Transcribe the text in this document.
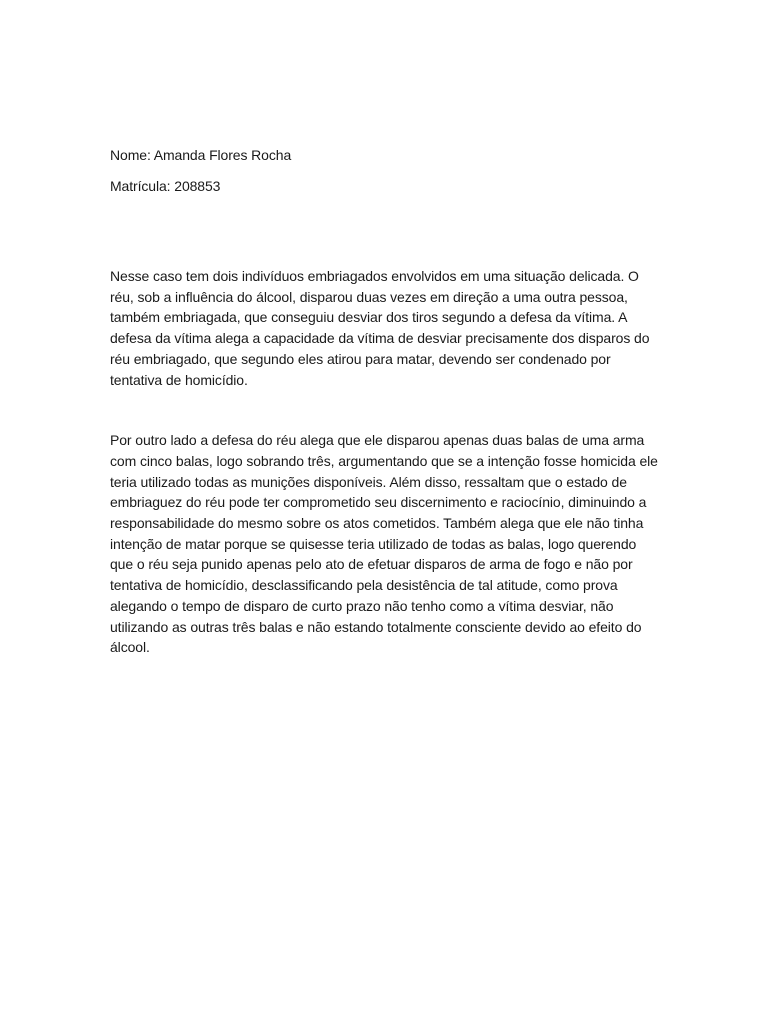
Nome: Amanda Flores Rocha

Matrícula: 208853

Nesse caso tem dois indivíduos embriagados envolvidos em uma situação delicada. O réu, sob a influência do álcool, disparou duas vezes em direção a uma outra pessoa, também embriagada, que conseguiu desviar dos tiros segundo a defesa da vítima. A defesa da vítima alega a capacidade da vítima de desviar precisamente dos disparos do réu embriagado, que segundo eles atirou para matar, devendo ser condenado por tentativa de homicídio.

Por outro lado a defesa do réu alega que ele disparou apenas duas balas de uma arma com cinco balas, logo sobrando três, argumentando que se a intenção fosse homicida ele teria utilizado todas as munições disponíveis. Além disso, ressaltam que o estado de embriaguez do réu pode ter comprometido seu discernimento e raciocínio, diminuindo a responsabilidade do mesmo sobre os atos cometidos. Também alega que ele não tinha intenção de matar porque se quisesse teria utilizado de todas as balas, logo querendo que o réu seja punido apenas pelo ato de efetuar disparos de arma de fogo e não por tentativa de homicídio, desclassificando pela desistência de tal atitude, como prova alegando o tempo de disparo de curto prazo não tenho como a vítima desviar, não utilizando as outras três balas e não estando totalmente consciente devido ao efeito do álcool.
